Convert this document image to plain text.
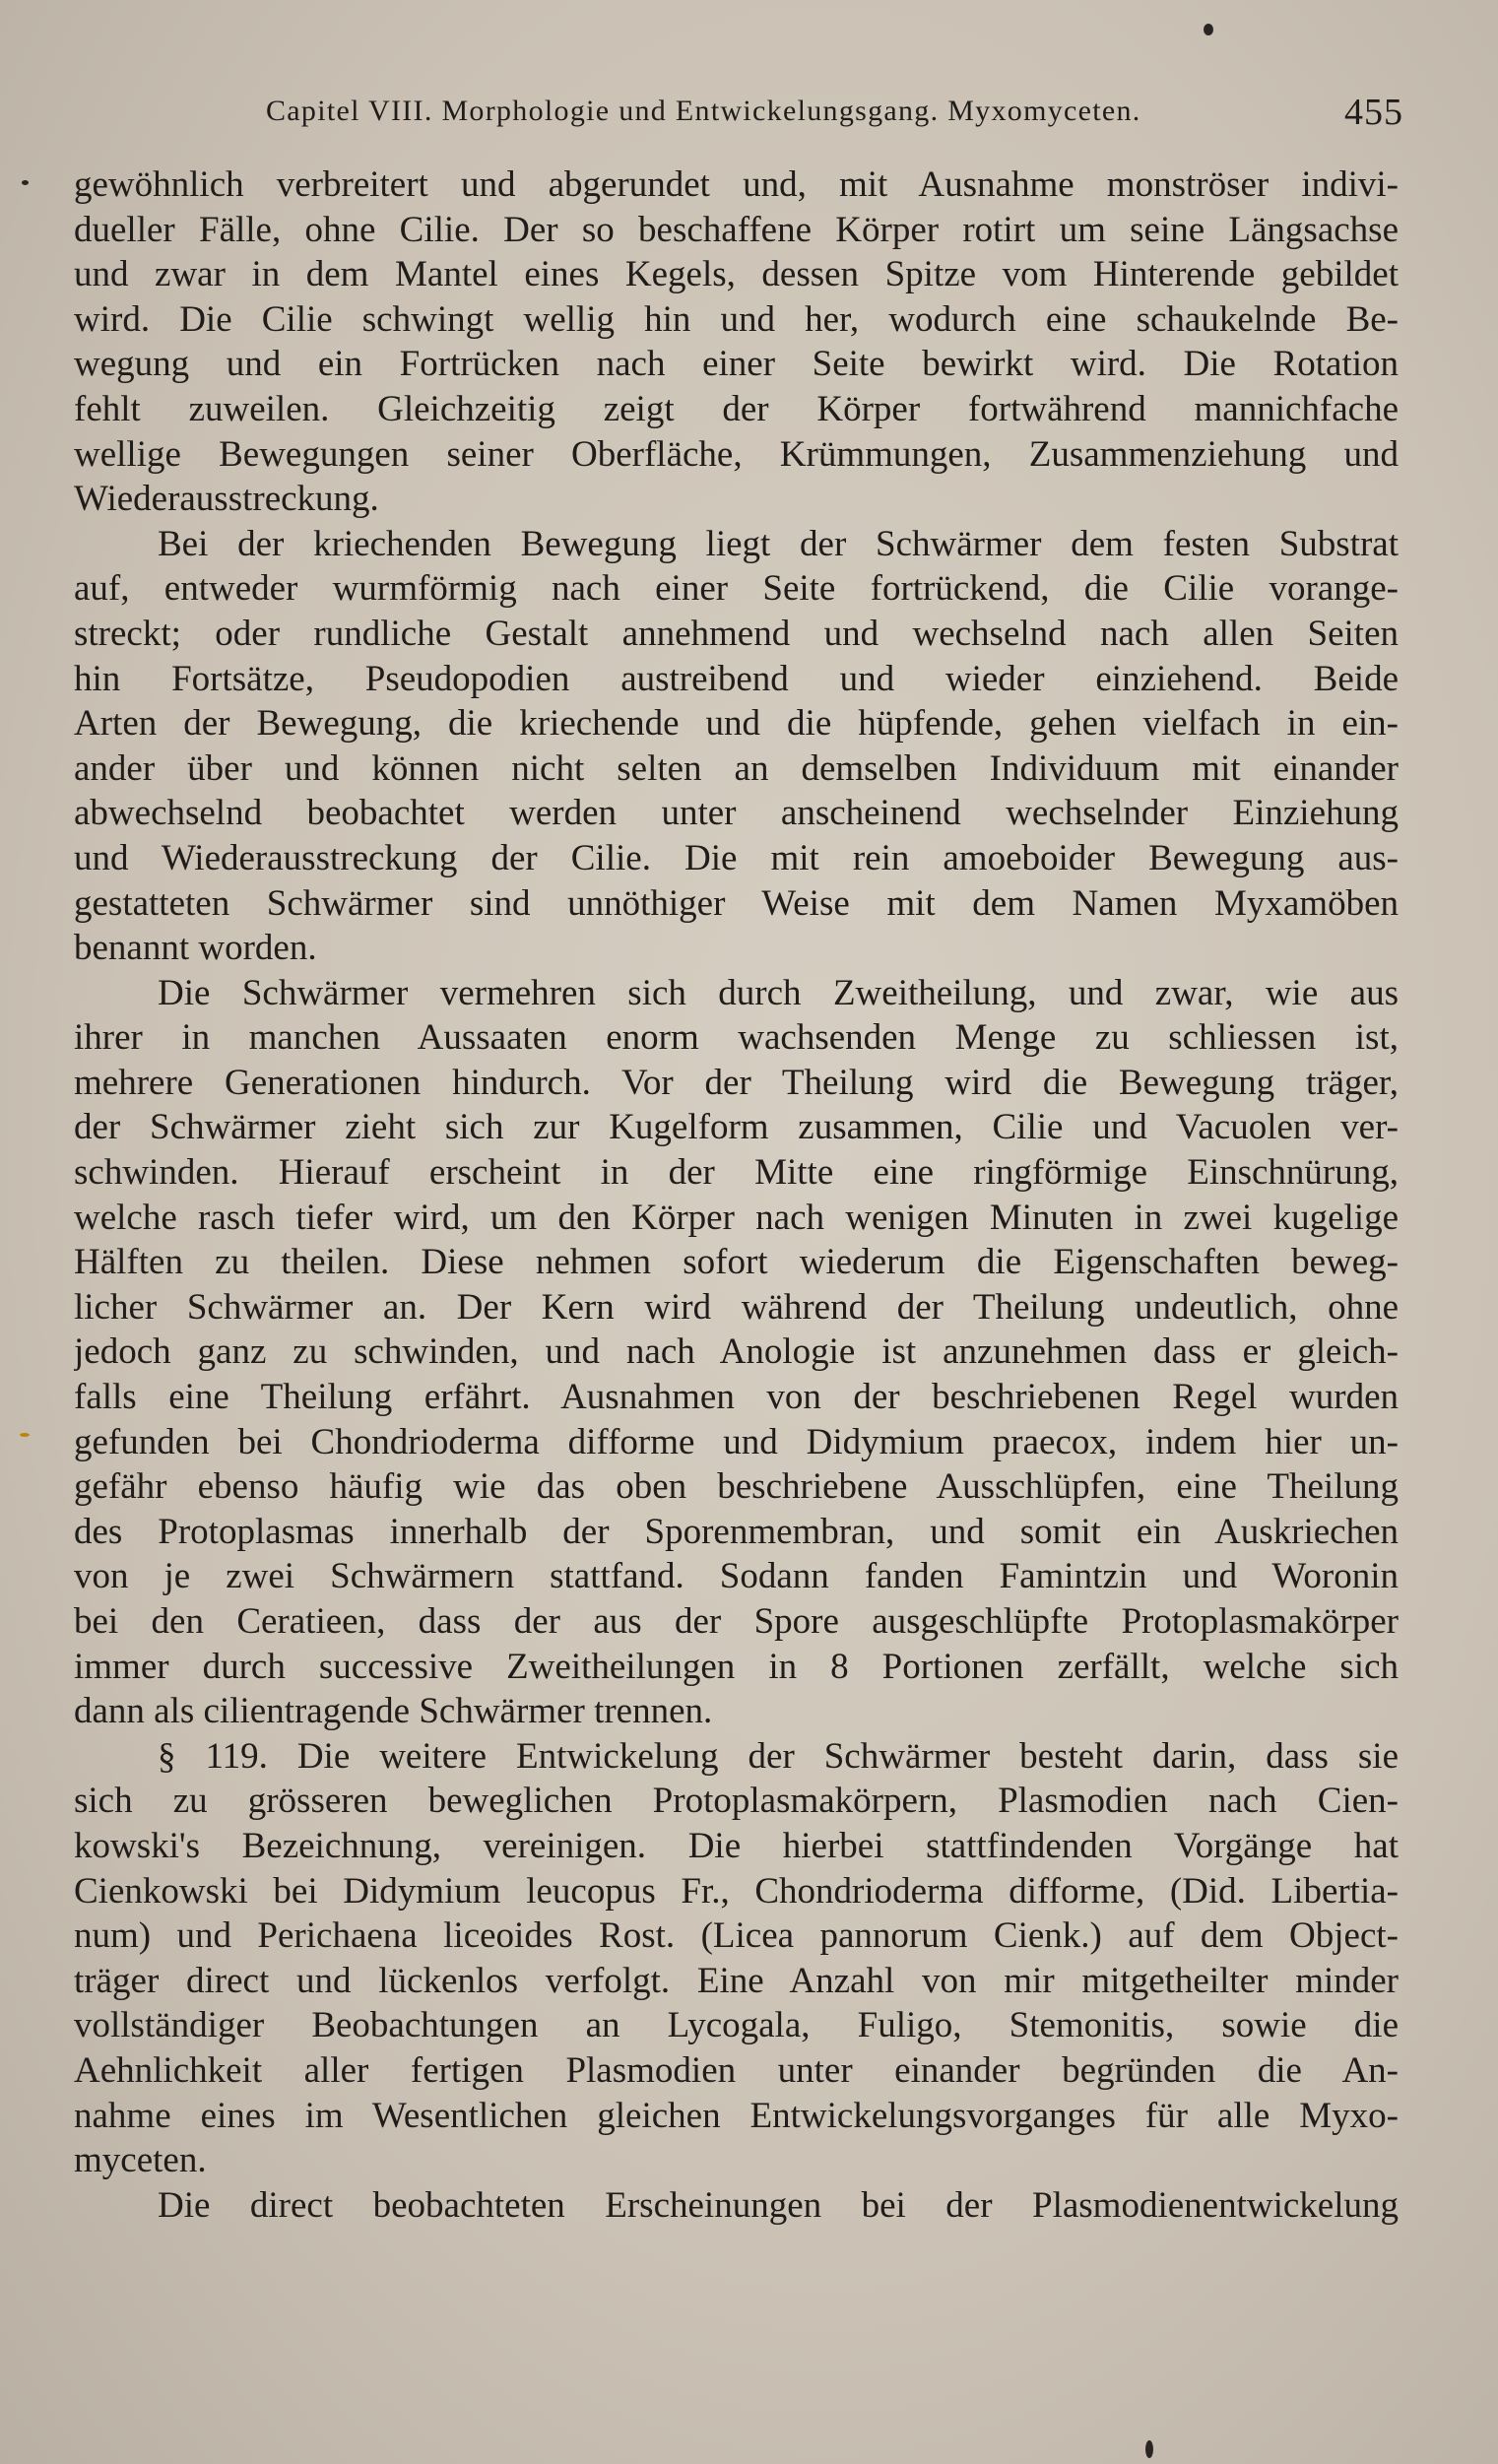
Capitel VIII. Morphologie und Entwickelungsgang. Myxomyceten.	455

gewöhnlich verbreitert und abgerundet und, mit Ausnahme monströser indivi-

dueller Fälle, ohne Cilie. Der so beschaffene Körper rotirt um seine Längsachse

und zwar in dem Mantel eines Kegels, dessen Spitze vom Hinterende gebildet

wird. Die Cilie schwingt wellig hin und her, wodurch eine schaukelnde Be-

wegung und ein Fortrücken nach einer Seite bewirkt wird. Die Rotation

fehlt zuweilen. Gleichzeitig zeigt der Körper fortwährend mannichfache

wellige Bewegungen seiner Oberfläche, Krümmungen, Zusammenziehung und

Wiederausstreckung.

Bei der kriechenden Bewegung liegt der Schwärmer dem festen Substrat

auf, entweder wurmförmig nach einer Seite fortrückend, die Cilie vorange-

streckt; oder rundliche Gestalt annehmend und wechselnd nach allen Seiten

hin Fortsätze, Pseudopodien austreibend und wieder einziehend. Beide

Arten der Bewegung, die kriechende und die hüpfende, gehen vielfach in ein-

ander über und können nicht selten an demselben Individuum mit einander

abwechselnd beobachtet werden unter anscheinend wechselnder Einziehung

und Wiederausstreckung der Cilie. Die mit rein amoeboider Bewegung aus-

gestatteten Schwärmer sind unnöthiger Weise mit dem Namen Myxamöben

benannt worden.

Die Schwärmer vermehren sich durch Zweitheilung, und zwar, wie aus

ihrer in manchen Aussaaten enorm wachsenden Menge zu schliessen ist,

mehrere Generationen hindurch. Vor der Theilung wird die Bewegung träger,

der Schwärmer zieht sich zur Kugelform zusammen, Cilie und Vacuolen ver-

schwinden. Hierauf erscheint in der Mitte eine ringförmige Einschnürung,

welche rasch tiefer wird, um den Körper nach wenigen Minuten in zwei kugelige

Hälften zu theilen. Diese nehmen sofort wiederum die Eigenschaften beweg-

licher Schwärmer an. Der Kern wird während der Theilung undeutlich, ohne

jedoch ganz zu schwinden, und nach Anologie ist anzunehmen dass er gleich-

falls eine Theilung erfährt. Ausnahmen von der beschriebenen Regel wurden

gefunden bei Chondrioderma difforme und Didymium praecox, indem hier un-

gefähr ebenso häufig wie das oben beschriebene Ausschlüpfen, eine Theilung

des Protoplasmas innerhalb der Sporenmembran, und somit ein Auskriechen

von je zwei Schwärmern stattfand. Sodann fanden Famintzin und Woronin

bei den Ceratieen, dass der aus der Spore ausgeschlüpfte Protoplasmakörper

immer durch successive Zweitheilungen in 8 Portionen zerfällt, welche sich

dann als cilientragende Schwärmer trennen.

§ 119. Die weitere Entwickelung der Schwärmer besteht darin, dass sie

sich zu grösseren beweglichen Protoplasmakörpern, Plasmodien nach Cien-

kowski's Bezeichnung, vereinigen. Die hierbei stattfindenden Vorgänge hat

Cienkowski bei Didymium leucopus Fr., Chondrioderma difforme, (Did. Libertia-

num) und Perichaena liceoides Rost. (Licea pannorum Cienk.) auf dem Object-

träger direct und lückenlos verfolgt. Eine Anzahl von mir mitgetheilter minder

vollständiger Beobachtungen an Lycogala, Fuligo, Stemonitis, sowie die

Aehnlichkeit aller fertigen Plasmodien unter einander begründen die An-

nahme eines im Wesentlichen gleichen Entwickelungsvorganges für alle Myxo-

myceten.

Die direct beobachteten Erscheinungen bei der Plasmodienentwickelung
